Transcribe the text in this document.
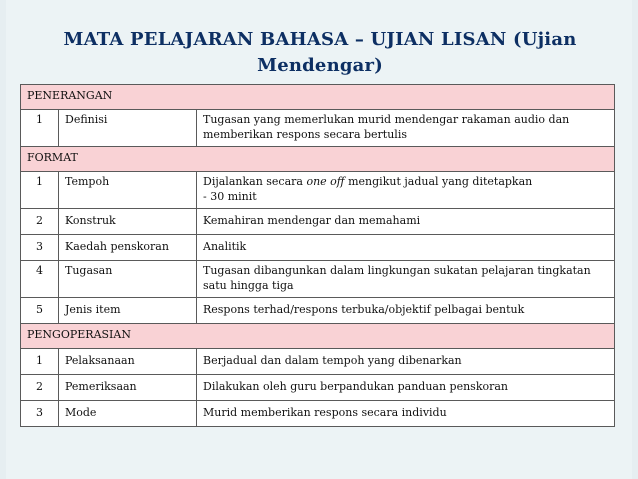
MATA PELAJARAN BAHASA – UJIAN LISAN (Ujian Mendengar)
PENERANGAN		
1	Definisi	Tugasan yang memerlukan murid mendengar rakaman audio dan memberikan respons secara bertulis
FORMAT		
1	Tempoh	Dijalankan secara one off mengikut jadual yang ditetapkan
- 30 minit
2	Konstruk	Kemahiran mendengar dan memahami
3	Kaedah penskoran	Analitik
4	Tugasan	Tugasan dibangunkan dalam lingkungan sukatan pelajaran tingkatan satu hingga tiga
5	Jenis item	Respons terhad/respons terbuka/objektif pelbagai bentuk
PENGOPERASIAN		
1	Pelaksanaan	Berjadual dan dalam tempoh yang dibenarkan
2	Pemeriksaan	Dilakukan oleh guru berpandukan panduan penskoran
3	Mode	Murid memberikan respons secara individu
